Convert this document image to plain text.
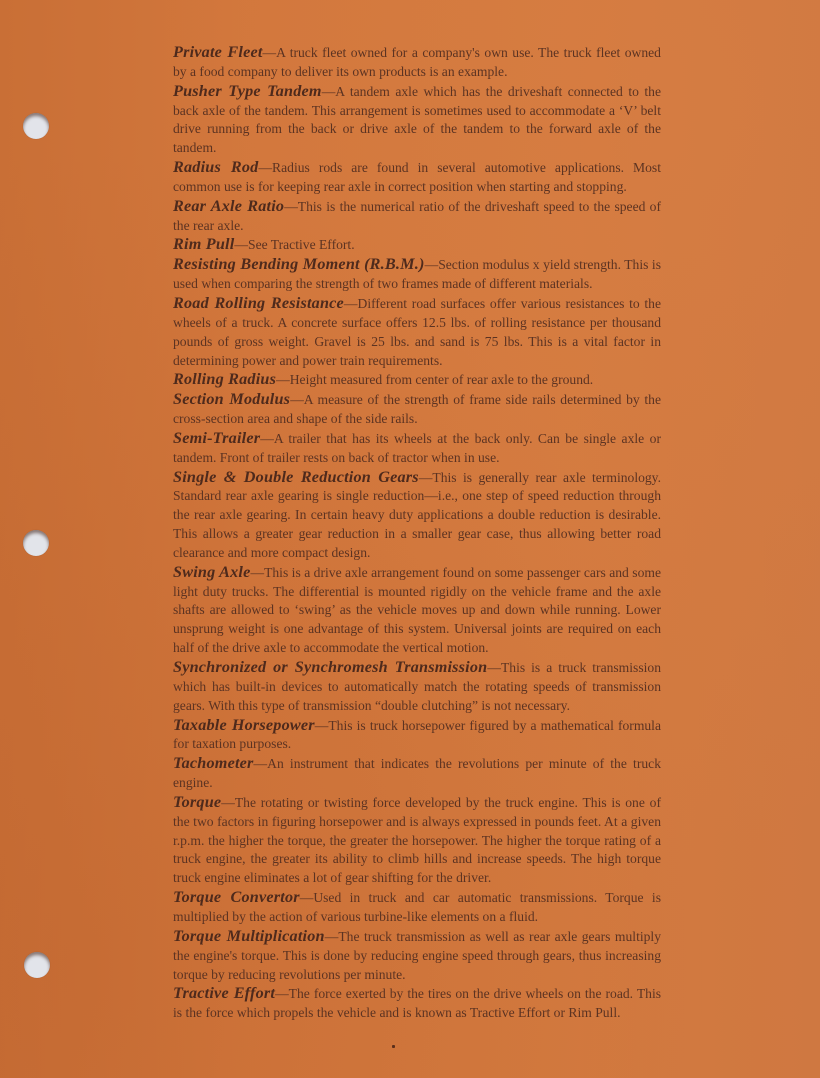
Private Fleet—A truck fleet owned for a company's own use. The truck fleet owned by a food company to deliver its own products is an example.

Pusher Type Tandem—A tandem axle which has the driveshaft connected to the back axle of the tandem. This arrangement is sometimes used to accommodate a ‘V’ belt drive running from the back or drive axle of the tandem to the forward axle of the tandem.

Radius Rod—Radius rods are found in several automotive applications. Most common use is for keeping rear axle in correct position when starting and stopping.

Rear Axle Ratio—This is the numerical ratio of the driveshaft speed to the speed of the rear axle.

Rim Pull—See Tractive Effort.

Resisting Bending Moment (R.B.M.)—Section modulus x yield strength. This is used when comparing the strength of two frames made of different materials.

Road Rolling Resistance—Different road surfaces offer various resistances to the wheels of a truck. A concrete surface offers 12.5 lbs. of rolling resistance per thousand pounds of gross weight. Gravel is 25 lbs. and sand is 75 lbs. This is a vital factor in determining power and power train requirements.

Rolling Radius—Height measured from center of rear axle to the ground.

Section Modulus—A measure of the strength of frame side rails determined by the cross-section area and shape of the side rails.

Semi-Trailer—A trailer that has its wheels at the back only. Can be single axle or tandem. Front of trailer rests on back of tractor when in use.

Single & Double Reduction Gears—This is generally rear axle terminology. Standard rear axle gearing is single reduction—i.e., one step of speed reduction through the rear axle gearing. In certain heavy duty applications a double reduction is desirable. This allows a greater gear reduction in a smaller gear case, thus allowing better road clearance and more compact design.

Swing Axle—This is a drive axle arrangement found on some passenger cars and some light duty trucks. The differential is mounted rigidly on the vehicle frame and the axle shafts are allowed to ‘swing’ as the vehicle moves up and down while running. Lower unsprung weight is one advantage of this system. Universal joints are required on each half of the drive axle to accommodate the vertical motion.

Synchronized or Synchromesh Transmission—This is a truck transmission which has built-in devices to automatically match the rotating speeds of transmission gears. With this type of transmission “double clutching” is not necessary.

Taxable Horsepower—This is truck horsepower figured by a mathematical formula for taxation purposes.

Tachometer—An instrument that indicates the revolutions per minute of the truck engine.

Torque—The rotating or twisting force developed by the truck engine. This is one of the two factors in figuring horsepower and is always expressed in pounds feet. At a given r.p.m. the higher the torque, the greater the horsepower. The higher the torque rating of a truck engine, the greater its ability to climb hills and increase speeds. The high torque truck engine eliminates a lot of gear shifting for the driver.

Torque Convertor—Used in truck and car automatic transmissions. Torque is multiplied by the action of various turbine-like elements on a fluid.

Torque Multiplication—The truck transmission as well as rear axle gears multiply the engine's torque. This is done by reducing engine speed through gears, thus increasing torque by reducing revolutions per minute.

Tractive Effort—The force exerted by the tires on the drive wheels on the road. This is the force which propels the vehicle and is known as Tractive Effort or Rim Pull.
